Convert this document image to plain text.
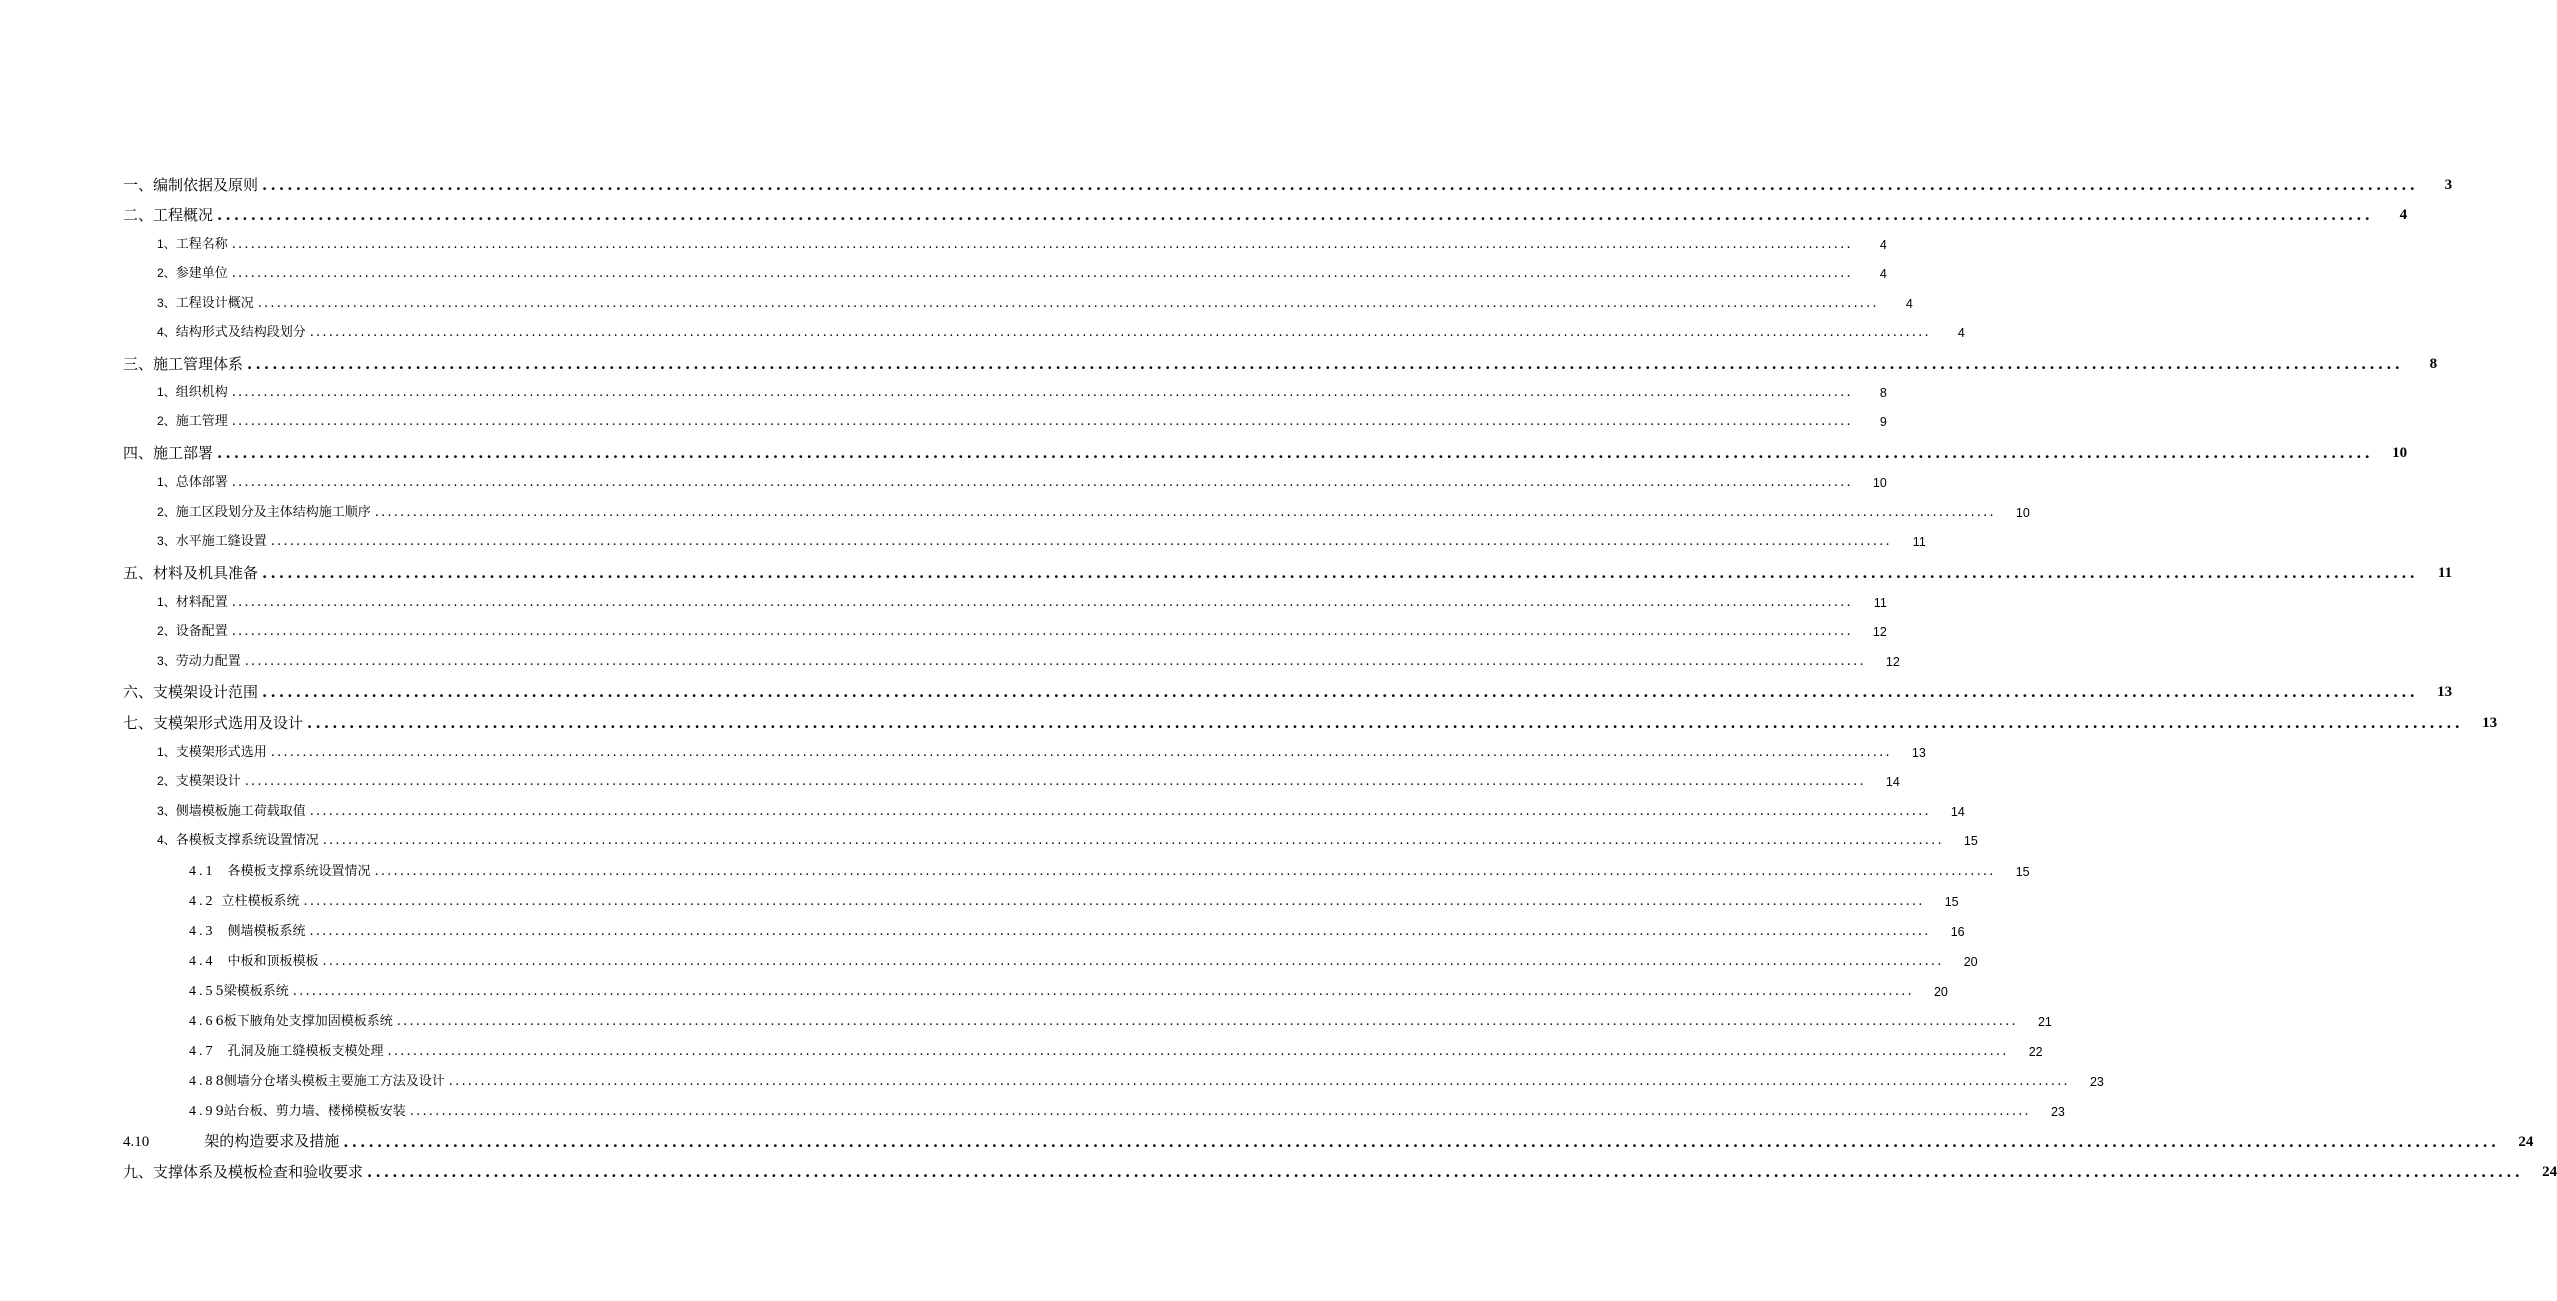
一、编制依据及原则 ................................................................................................................................................................................................................................................................	3
二、工程概况 ................................................................................................................................................................................................................................................................	4
1、工程名称 ................................................................................................................................................................................................................................................................	4
2、参建单位 ................................................................................................................................................................................................................................................................	4
3、工程设计概况 ................................................................................................................................................................................................................................................................	4
4、结构形式及结构段划分 ................................................................................................................................................................................................................................................................	4
三、施工管理体系 ................................................................................................................................................................................................................................................................	8
1、组织机构 ................................................................................................................................................................................................................................................................	8
2、施工管理 ................................................................................................................................................................................................................................................................	9
四、施工部署 ................................................................................................................................................................................................................................................................	10
1、总体部署 ................................................................................................................................................................................................................................................................	10
2、施工区段划分及主体结构施工顺序 ................................................................................................................................................................................................................................................................	10
3、水平施工缝设置 ................................................................................................................................................................................................................................................................	11
五、材料及机具准备 ................................................................................................................................................................................................................................................................	11
1、材料配置 ................................................................................................................................................................................................................................................................	11
2、设备配置 ................................................................................................................................................................................................................................................................	12
3、劳动力配置 ................................................................................................................................................................................................................................................................	12
六、支模架设计范围 ................................................................................................................................................................................................................................................................	13
七、支模架形式选用及设计 ................................................................................................................................................................................................................................................................	13
1、支模架形式选用 ................................................................................................................................................................................................................................................................	13
2、支模架设计 ................................................................................................................................................................................................................................................................	14
3、侧墙模板施工荷载取值 ................................................................................................................................................................................................................................................................	14
4、各模板支撑系统设置情况 ................................................................................................................................................................................................................................................................	15
4.1 各模板支撑系统设置情况 ................................................................................................................................................................................................................................................................	15
4.2 立柱模板系统 ................................................................................................................................................................................................................................................................	15
4.3 侧墙模板系统 ................................................................................................................................................................................................................................................................	16
4.4 中板和顶板模板 ................................................................................................................................................................................................................................................................	20
4.55梁模板系统 ................................................................................................................................................................................................................................................................	20
4.66板下腋角处支撑加固模板系统 ................................................................................................................................................................................................................................................................	21
4.7 孔洞及施工缝模板支模处理 ................................................................................................................................................................................................................................................................	22
4.88侧墙分仓堵头模板主要施工方法及设计 ................................................................................................................................................................................................................................................................	23
4.99站台板、剪力墙、楼梯模板安装 ................................................................................................................................................................................................................................................................	23
4.10	架的构造要求及措施 ................................................................................................................................................................................................................................................................	24
九、支撑体系及模板检查和验收要求 ................................................................................................................................................................................................................................................................	24
